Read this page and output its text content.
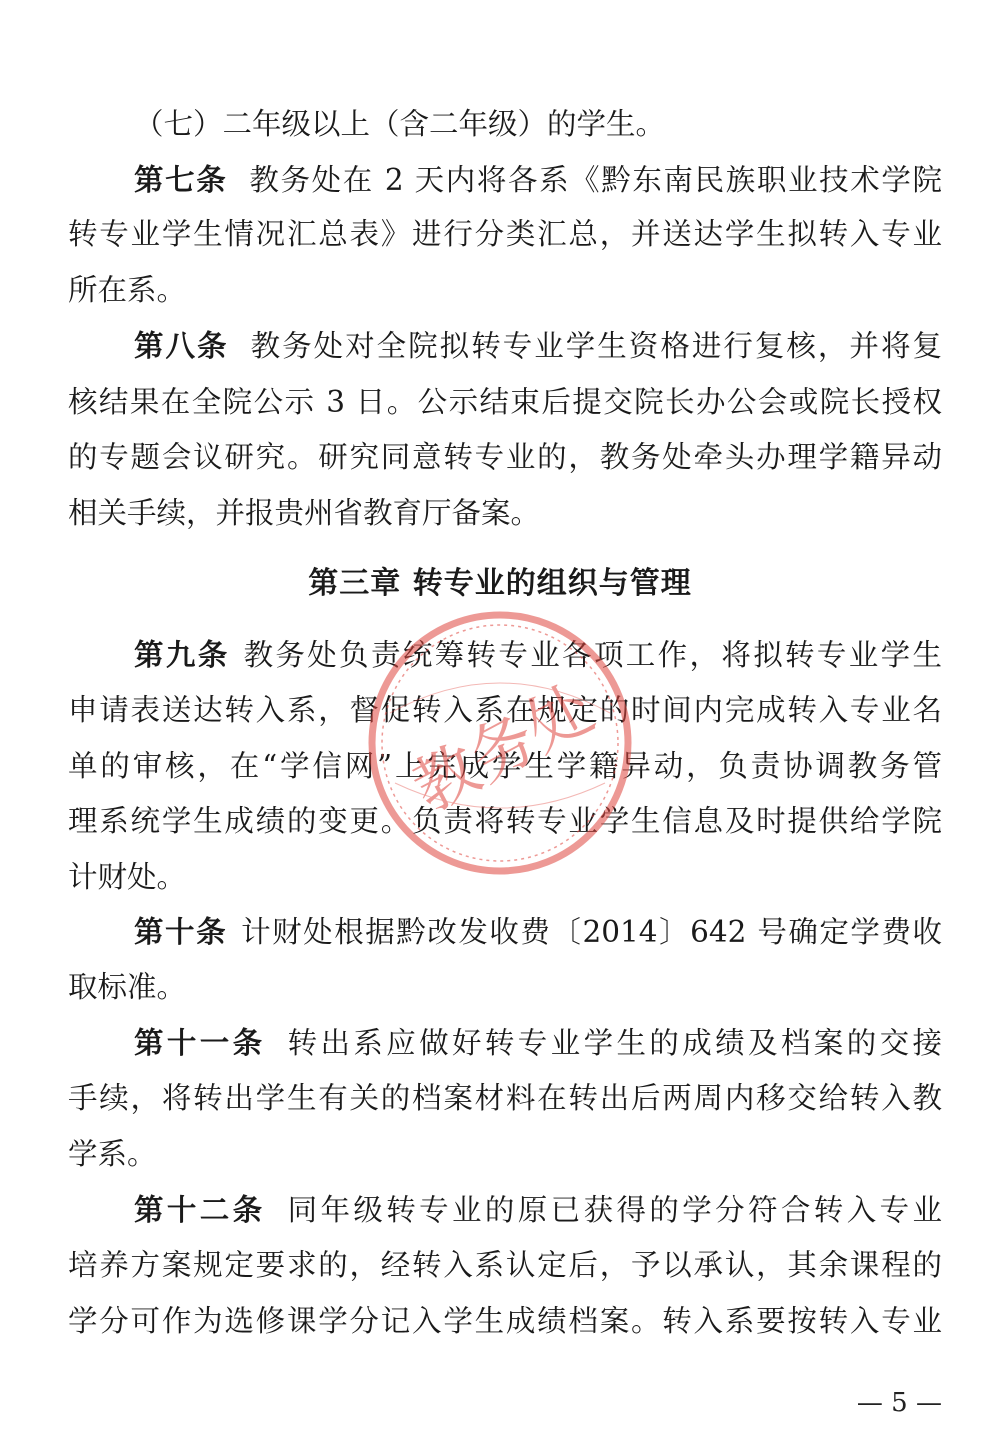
（七）二年级以上（含二年级）的学生。
第七条 教务处在 2 天内将各系《黔东南民族职业技术学院
转专业学生情况汇总表》进行分类汇总，并送达学生拟转入专业
所在系。
第八条 教务处对全院拟转专业学生资格进行复核，并将复
核结果在全院公示 3 日。公示结束后提交院长办公会或院长授权
的专题会议研究。研究同意转专业的，教务处牵头办理学籍异动
相关手续，并报贵州省教育厅备案。
第三章 转专业的组织与管理
第九条 教务处负责统筹转专业各项工作，将拟转专业学生
申请表送达转入系，督促转入系在规定的时间内完成转入专业名
单的审核，在“学信网”上完成学生学籍异动，负责协调教务管
理系统学生成绩的变更。负责将转专业学生信息及时提供给学院
计财处。
第十条 计财处根据黔改发收费〔2014〕642 号确定学费收
取标准。
第十一条 转出系应做好转专业学生的成绩及档案的交接
手续，将转出学生有关的档案材料在转出后两周内移交给转入教
学系。
第十二条 同年级转专业的原已获得的学分符合转入专业
培养方案规定要求的，经转入系认定后，予以承认，其余课程的
学分可作为选修课学分记入学生成绩档案。转入系要按转入专业
教务处
— 5 —
